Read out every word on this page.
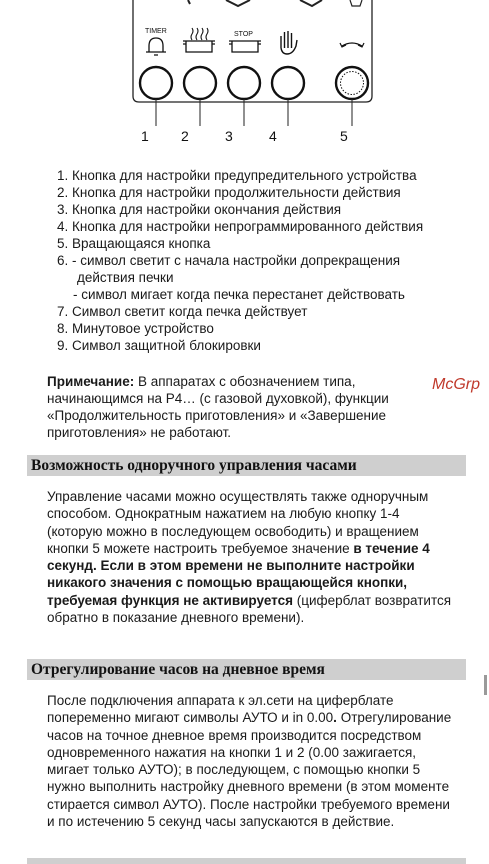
TIMER	STOP
1 2	3	4	5
1. Кнопка для настройки предупредительного устройства
2. Кнопка для настройки продолжительности действия
3. Кнопка для настройки окончания действия
4. Кнопка для настройки непрограммированного действия
5. Вращающаяся кнопка
6. - символ светит с начала настройки допрекращения
действия печки
- символ мигает когда печка перестанет действовать
7. Символ светит когда печка действует
8. Минутовое устройство
9. Символ защитной блокировки

Примечание: В аппаратах с обозначением типа, начинающимся на P4… (с газовой духовкой), функции «Продолжительность приготовления» и «Завершение приготовления» не работают.

McGrp
Возможность одноручного управления часами

Управление часами можно осуществлять также одноручным способом. Однократным нажатием на любую кнопку 1-4 (которую можно в последующем освободить) и вращением кнопки 5 можете настроить требуемое значение в течение 4 секунд. Если в этом времени не выполните настройки никакого значения с помощью вращающейся кнопки, требуемая функция не активируется (циферблат возвратится обратно в показание дневного времени).

Отрегулирование часов на дневное время

После подключения аппарата к эл.сети на циферблате попеременно мигают символы АУТО и in 0.00. Отрегулирование часов на точное дневное время производится посредством одновременного нажатия на кнопки 1 и 2 (0.00 зажигается, мигает только АУТО); в последующем, с помощью кнопки 5 нужно выполнить настройку дневного времени (в этом моменте стирается символ АУТО). После настройки требуемого времени и по истечению 5 секунд часы запускаются в действие.
